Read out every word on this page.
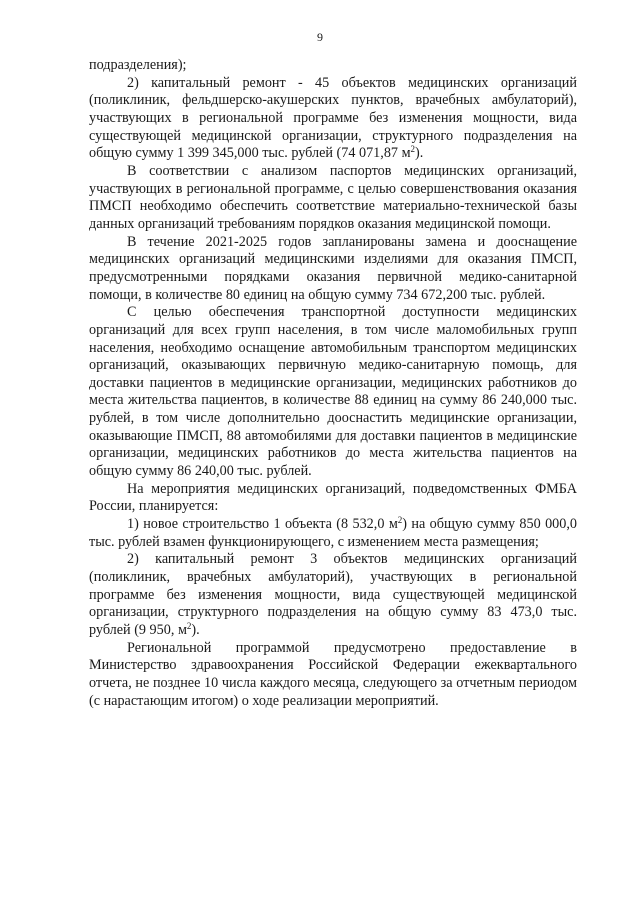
9

подразделения);

2) капитальный ремонт - 45 объектов медицинских организаций (поликлиник, фельдшерско-акушерских пунктов, врачебных амбулаторий), участвующих в региональной программе без изменения мощности, вида существующей медицинской организации, структурного подразделения на общую сумму 1 399 345,000 тыс. рублей (74 071,87 $м^2$).

В соответствии с анализом паспортов медицинских организаций, участвующих в региональной программе, с целью совершенствования оказания ПМСП необходимо обеспечить соответствие материально-технической базы данных организаций требованиям порядков оказания медицинской помощи.

В течение 2021-2025 годов запланированы замена и дооснащение медицинских организаций медицинскими изделиями для оказания ПМСП, предусмотренными порядками оказания первичной медико-санитарной помощи, в количестве 80 единиц на общую сумму 734 672,200 тыс. рублей.

С целью обеспечения транспортной доступности медицинских организаций для всех групп населения, в том числе маломобильных групп населения, необходимо оснащение автомобильным транспортом медицинских организаций, оказывающих первичную медико-санитарную помощь, для доставки пациентов в медицинские организации, медицинских работников до места жительства пациентов, в количестве 88 единиц на сумму 86 240,000 тыс. рублей, в том числе дополнительно дооснастить медицинские организации, оказывающие ПМСП, 88 автомобилями для доставки пациентов в медицинские организации, медицинских работников до места жительства пациентов на общую сумму 86 240,00 тыс. рублей.

На мероприятия медицинских организаций, подведомственных ФМБА России, планируется:

1) новое строительство 1 объекта (8 532,0 $м^2$) на общую сумму 850 000,0 тыс. рублей взамен функционирующего, с изменением места размещения;

2) капитальный ремонт 3 объектов медицинских организаций (поликлиник, врачебных амбулаторий), участвующих в региональной программе без изменения мощности, вида существующей медицинской организации, структурного подразделения на общую сумму 83 473,0 тыс. рублей (9 950, $м^2$).

Региональной программой предусмотрено предоставление в Министерство здравоохранения Российской Федерации ежеквартального отчета, не позднее 10 числа каждого месяца, следующего за отчетным периодом (с нарастающим итогом) о ходе реализации мероприятий.
